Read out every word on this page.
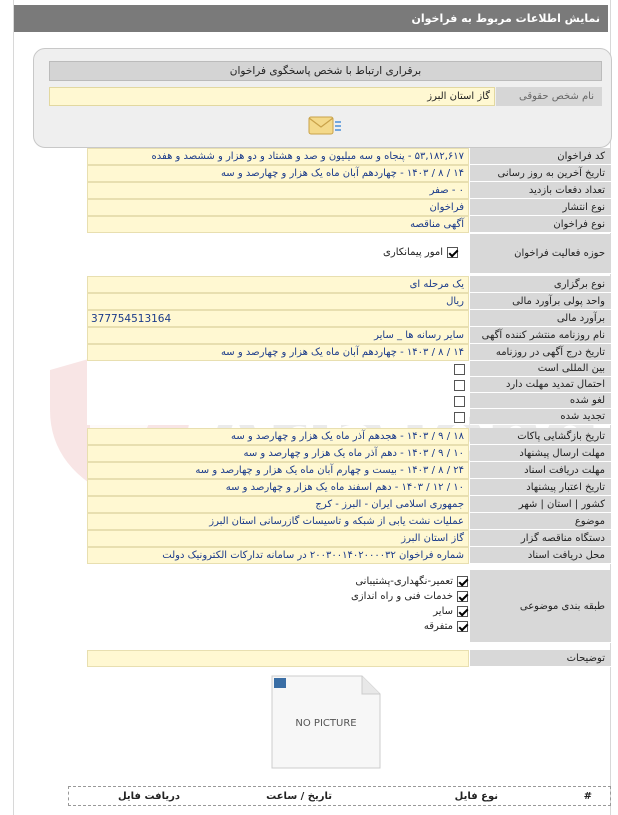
نمایش اطلاعات مربوط به فراخوان
برقراری ارتباط با شخص پاسخگوی فراخوان
نام شخص حقوقی
گاز استان البرز
کد فراخوان
۵۳,۱۸۲,۶۱۷ - پنجاه و سه میلیون و صد و هشتاد و دو هزار و ششصد و هفده
تاریخ آخرین به روز رسانی
۱۴ / ۸ / ۱۴۰۳ - چهاردهم آبان ماه یک هزار و چهارصد و سه
تعداد دفعات بازدید
۰ - صفر
نوع انتشار
فراخوان
نوع فراخوان
آگهی مناقصه
حوزه فعالیت فراخوان
امور پیمانکاری
نوع برگزاری
یک مرحله ای
واحد پولی برآورد مالی
ریال
برآورد مالی
377754513164
نام روزنامه منتشر کننده آگهی
سایر رسانه ها _ سایر
تاریخ درج آگهی در روزنامه
۱۴ / ۸ / ۱۴۰۳ - چهاردهم آبان ماه یک هزار و چهارصد و سه
بین المللی است
احتمال تمدید مهلت دارد
لغو شده
تجدید شده
تاریخ بازگشایی پاکات
۱۸ / ۹ / ۱۴۰۳ - هجدهم آذر ماه یک هزار و چهارصد و سه
مهلت ارسال پیشنهاد
۱۰ / ۹ / ۱۴۰۳ - دهم آذر ماه یک هزار و چهارصد و سه
مهلت دریافت اسناد
۲۴ / ۸ / ۱۴۰۳ - بیست و چهارم آبان ماه یک هزار و چهارصد و سه
تاریخ اعتبار پیشنهاد
۱۰ / ۱۲ / ۱۴۰۳ - دهم اسفند ماه یک هزار و چهارصد و سه
کشور | استان | شهر
جمهوری اسلامی ایران - البرز - کرج
موضوع
عملیات نشت یابی از شبکه و تاسیسات گازرسانی استان البرز
دستگاه مناقصه گزار
گاز استان البرز
محل دریافت اسناد
شماره فراخوان ۲۰۰۳۰۰۱۴۰۲۰۰۰۰۳۲ در سامانه تدارکات الکترونیک دولت
طبقه بندی موضوعی
تعمیر-نگهداری-پشتیبانی
خدمات فنی و راه اندازی
سایر
متفرقه
توضیحات
NO PICTURE
#
نوع فایل
تاریخ / ساعت
دریافت فایل
